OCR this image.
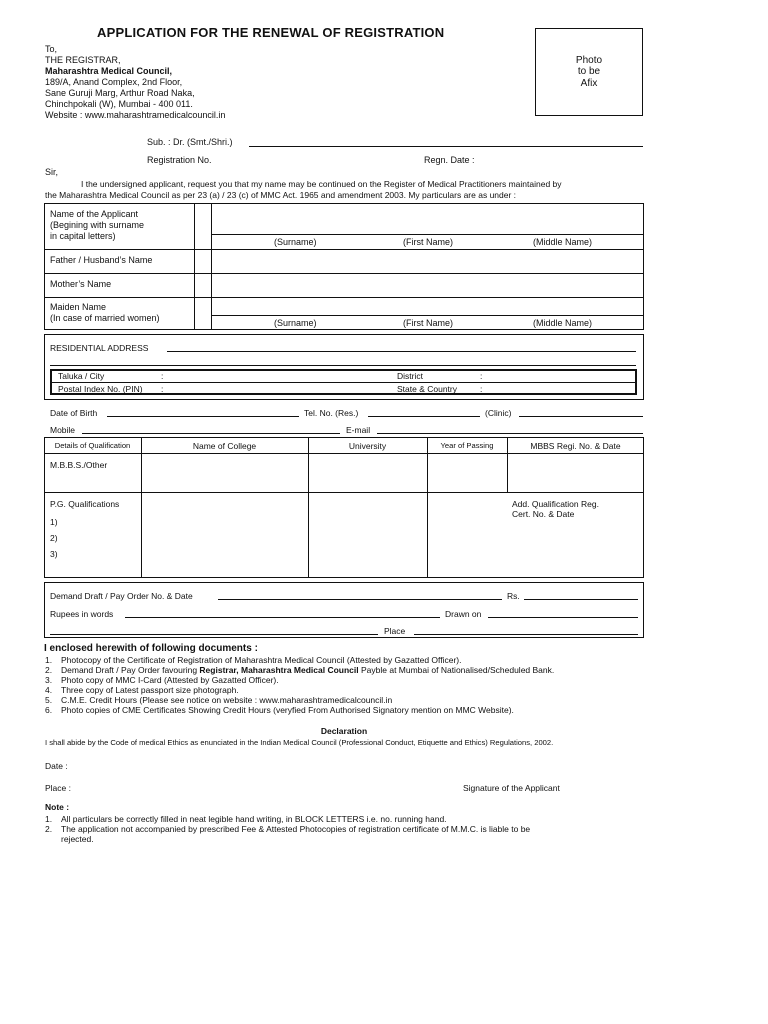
APPLICATION FOR THE RENEWAL OF REGISTRATION
Photo
to be
Afix
To,
THE REGISTRAR,
Maharashtra Medical Council,
189/A, Anand Complex, 2nd Floor,
Sane Guruji Marg, Arthur Road Naka,
Chinchpokali (W), Mumbai - 400 011.
Website : www.maharashtramedicalcouncil.in
Sub. : Dr. (Smt./Shri.)
Registration No.	Regn. Date :
Sir,
I the undersigned applicant, request you that my name may be continued on the Register of Medical Practitioners maintained by
the Maharashtra Medical Council as per 23 (a) / 23 (c) of MMC Act. 1965 and amendment 2003. My particulars are as under :
Name of the Applicant
(Begining with surname
in capital letters)
(Surname)	(First Name)	(Middle Name)
Father / Husband’s Name
Mother’s Name
Maiden Name
(In case of married women)	(Surname)	(First Name)	(Middle Name)
RESIDENTIAL ADDRESS
Taluka / City	:	District	:
Postal Index No. (PIN) :	State & Country	:
Date of Birth	Tel. No. (Res.)	(Clinic)
Mobile	E-mail
Details of Qualification	Name of College	University	Year of Passing	MBBS Regi. No. & Date
M.B.B.S./Other
P.G. Qualifications
1)
2)
3)
Add. Qualification Reg.
Cert. No. & Date
Demand Draft / Pay Order No. & Date	Rs.
Rupees in words	Drawn on
Place
I enclosed herewith of following documents :
1.	Photocopy of the Certificate of Registration of Maharashtra Medical Council (Attested by Gazatted Officer).
2.	Demand Draft / Pay Order favouring Registrar, Maharashtra Medical Council Payble at Mumbai of Nationalised/Scheduled Bank.
3.	Photo copy of MMC I-Card (Attested by Gazatted Officer).
4.	Three copy of Latest passport size photograph.
5.	C.M.E. Credit Hours (Please see notice on website : www.maharashtramedicalcouncil.in
6.	Photo copies of CME Certificates Showing Credit Hours (veryfied From Authorised Signatory mention on MMC Website).
Declaration
I shall abide by the Code of medical Ethics as enunciated in the Indian Medical Council (Professional Conduct, Etiquette and Ethics) Regulations, 2002.
Date :
Place :	Signature of the Applicant
Note :
1.	All particulars be correctly filled in neat legible hand writing, in BLOCK LETTERS i.e. no. running hand.
2.	The application not accompanied by prescribed Fee & Attested Photocopies of registration certificate of M.M.C. is liable to be
rejected.
